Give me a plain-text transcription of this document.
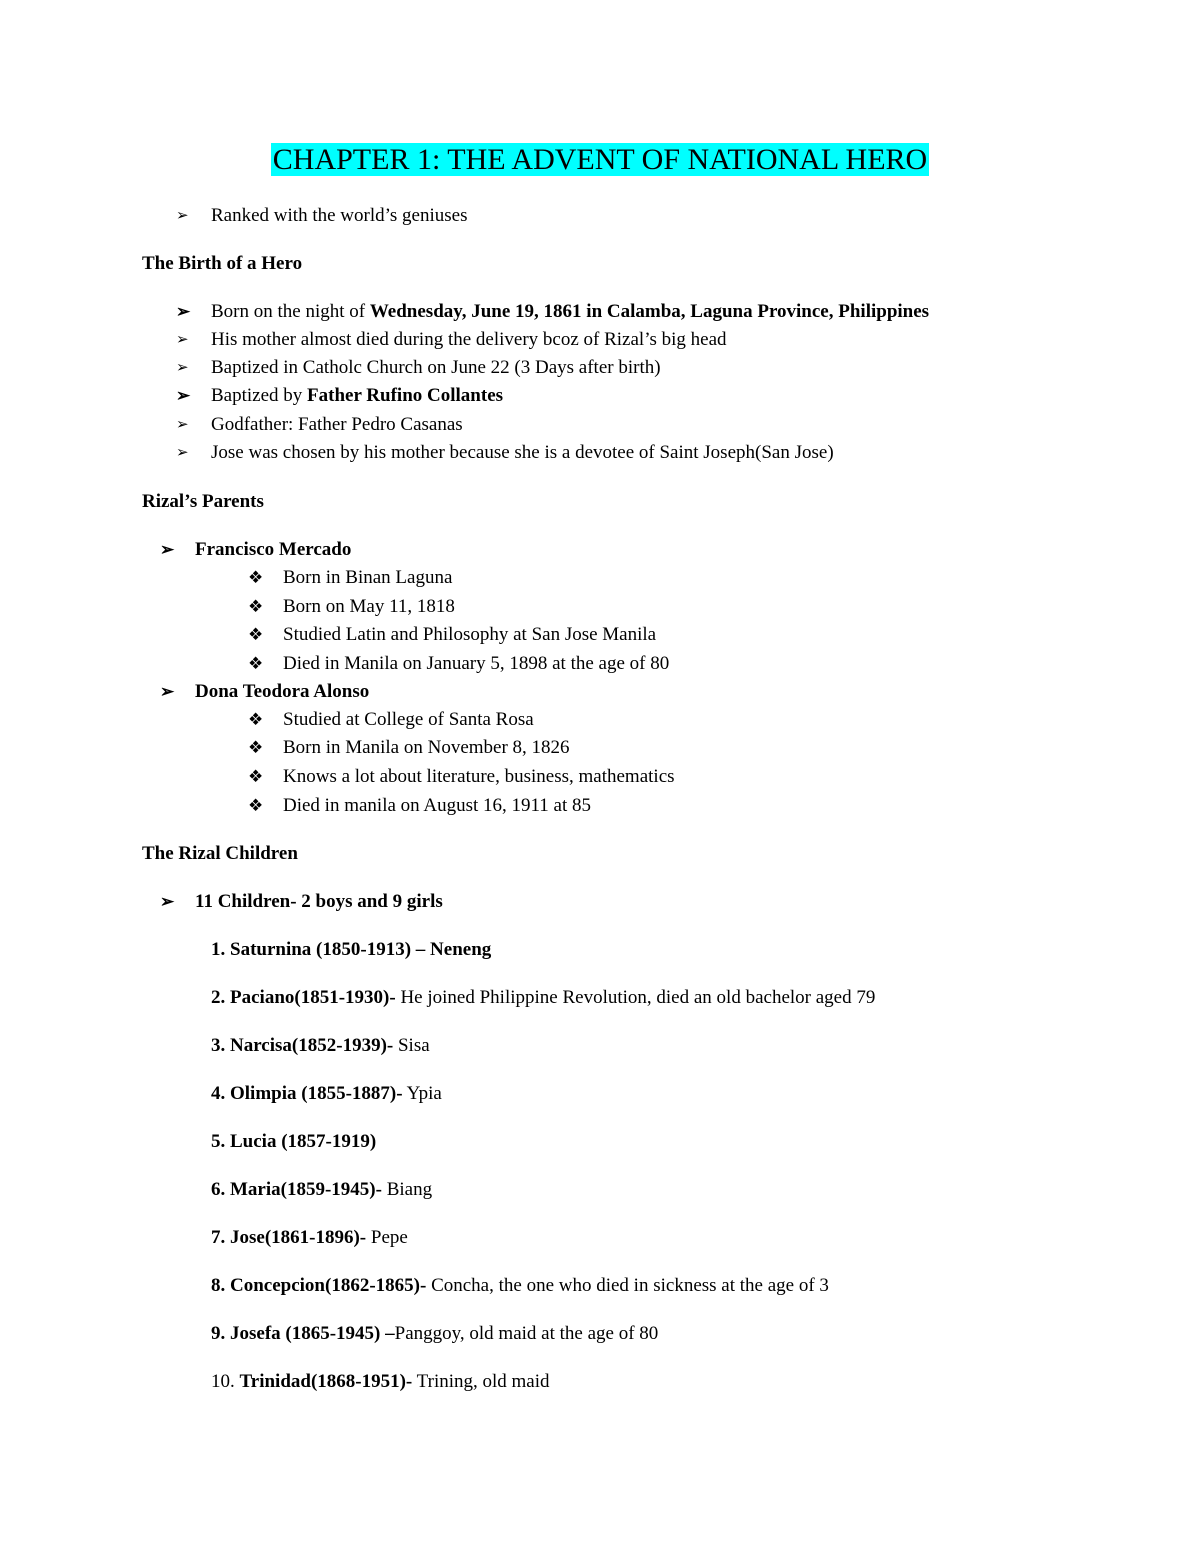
CHAPTER 1: THE ADVENT OF NATIONAL HERO
➢ Ranked with the world’s geniuses
The Birth of a Hero
➢ Born on the night of Wednesday, June 19, 1861 in Calamba, Laguna Province, Philippines
➢ His mother almost died during the delivery bcoz of Rizal’s big head
➢ Baptized in Catholc Church on June 22 (3 Days after birth)
➢ Baptized by Father Rufino Collantes
➢ Godfather: Father Pedro Casanas
➢ Jose was chosen by his mother because she is a devotee of Saint Joseph(San Jose)
Rizal’s Parents
➢ Francisco Mercado
❖ Born in Binan Laguna
❖ Born on May 11, 1818
❖ Studied Latin and Philosophy at San Jose Manila
❖ Died in Manila on January 5, 1898 at the age of 80
➢ Dona Teodora Alonso
❖ Studied at College of Santa Rosa
❖ Born in Manila on November 8, 1826
❖ Knows a lot about literature, business, mathematics
❖ Died in manila on August 16, 1911 at 85
The Rizal Children
➢ 11 Children- 2 boys and 9 girls
1. Saturnina (1850-1913) – Neneng
2. Paciano(1851-1930)- He joined Philippine Revolution, died an old bachelor aged 79
3. Narcisa(1852-1939)- Sisa
4. Olimpia (1855-1887)- Ypia
5. Lucia (1857-1919)
6. Maria(1859-1945)- Biang
7. Jose(1861-1896)- Pepe
8. Concepcion(1862-1865)- Concha, the one who died in sickness at the age of 3
9. Josefa (1865-1945) –Panggoy, old maid at the age of 80
10. Trinidad(1868-1951)- Trining, old maid
